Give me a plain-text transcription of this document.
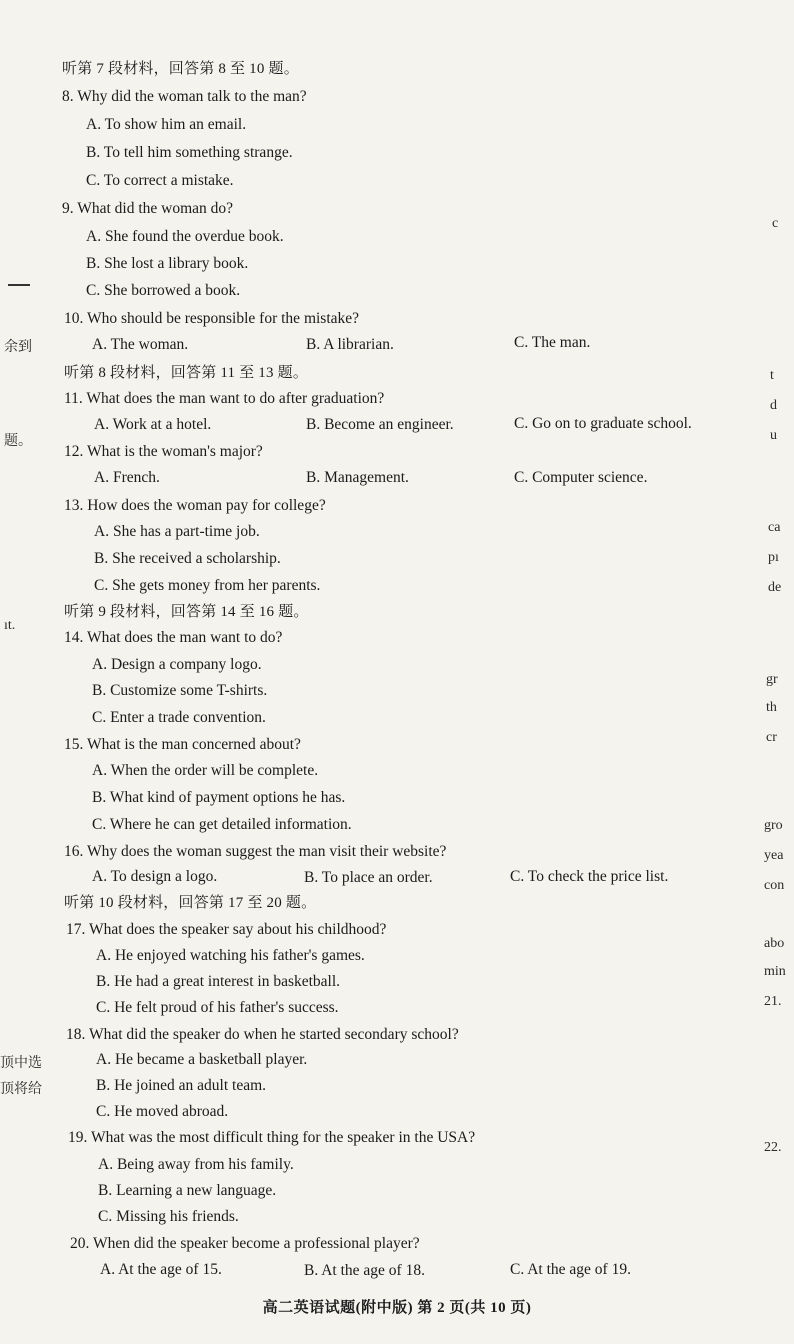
余到
题。
ıt.
顶中选
顶将给
c
t
d
u
ca
pı
de
gr
th
cr
gro
yea
con
abo
min
21.
22.
听第 7 段材料，回答第 8 至 10 题。
8. Why did the woman talk to the man?
A. To show him an email.
B. To tell him something strange.
C. To correct a mistake.
9. What did the woman do?
A. She found the overdue book.
B. She lost a library book.
C. She borrowed a book.
10. Who should be responsible for the mistake?
A. The woman.	B. A librarian.	C. The man.
听第 8 段材料，回答第 11 至 13 题。
11. What does the man want to do after graduation?
A. Work at a hotel.	B. Become an engineer.	C. Go on to graduate school.
12. What is the woman's major?
A. French.	B. Management.	C. Computer science.
13. How does the woman pay for college?
A. She has a part-time job.
B. She received a scholarship.
C. She gets money from her parents.
听第 9 段材料，回答第 14 至 16 题。
14. What does the man want to do?
A. Design a company logo.
B. Customize some T-shirts.
C. Enter a trade convention.
15. What is the man concerned about?
A. When the order will be complete.
B. What kind of payment options he has.
C. Where he can get detailed information.
16. Why does the woman suggest the man visit their website?
A. To design a logo.	B. To place an order.	C. To check the price list.
听第 10 段材料，回答第 17 至 20 题。
17. What does the speaker say about his childhood?
A. He enjoyed watching his father's games.
B. He had a great interest in basketball.
C. He felt proud of his father's success.
18. What did the speaker do when he started secondary school?
A. He became a basketball player.
B. He joined an adult team.
C. He moved abroad.
19. What was the most difficult thing for the speaker in the USA?
A. Being away from his family.
B. Learning a new language.
C. Missing his friends.
20. When did the speaker become a professional player?
A. At the age of 15.	B. At the age of 18.	C. At the age of 19.
高二英语试题(附中版) 第 2 页(共 10 页)
